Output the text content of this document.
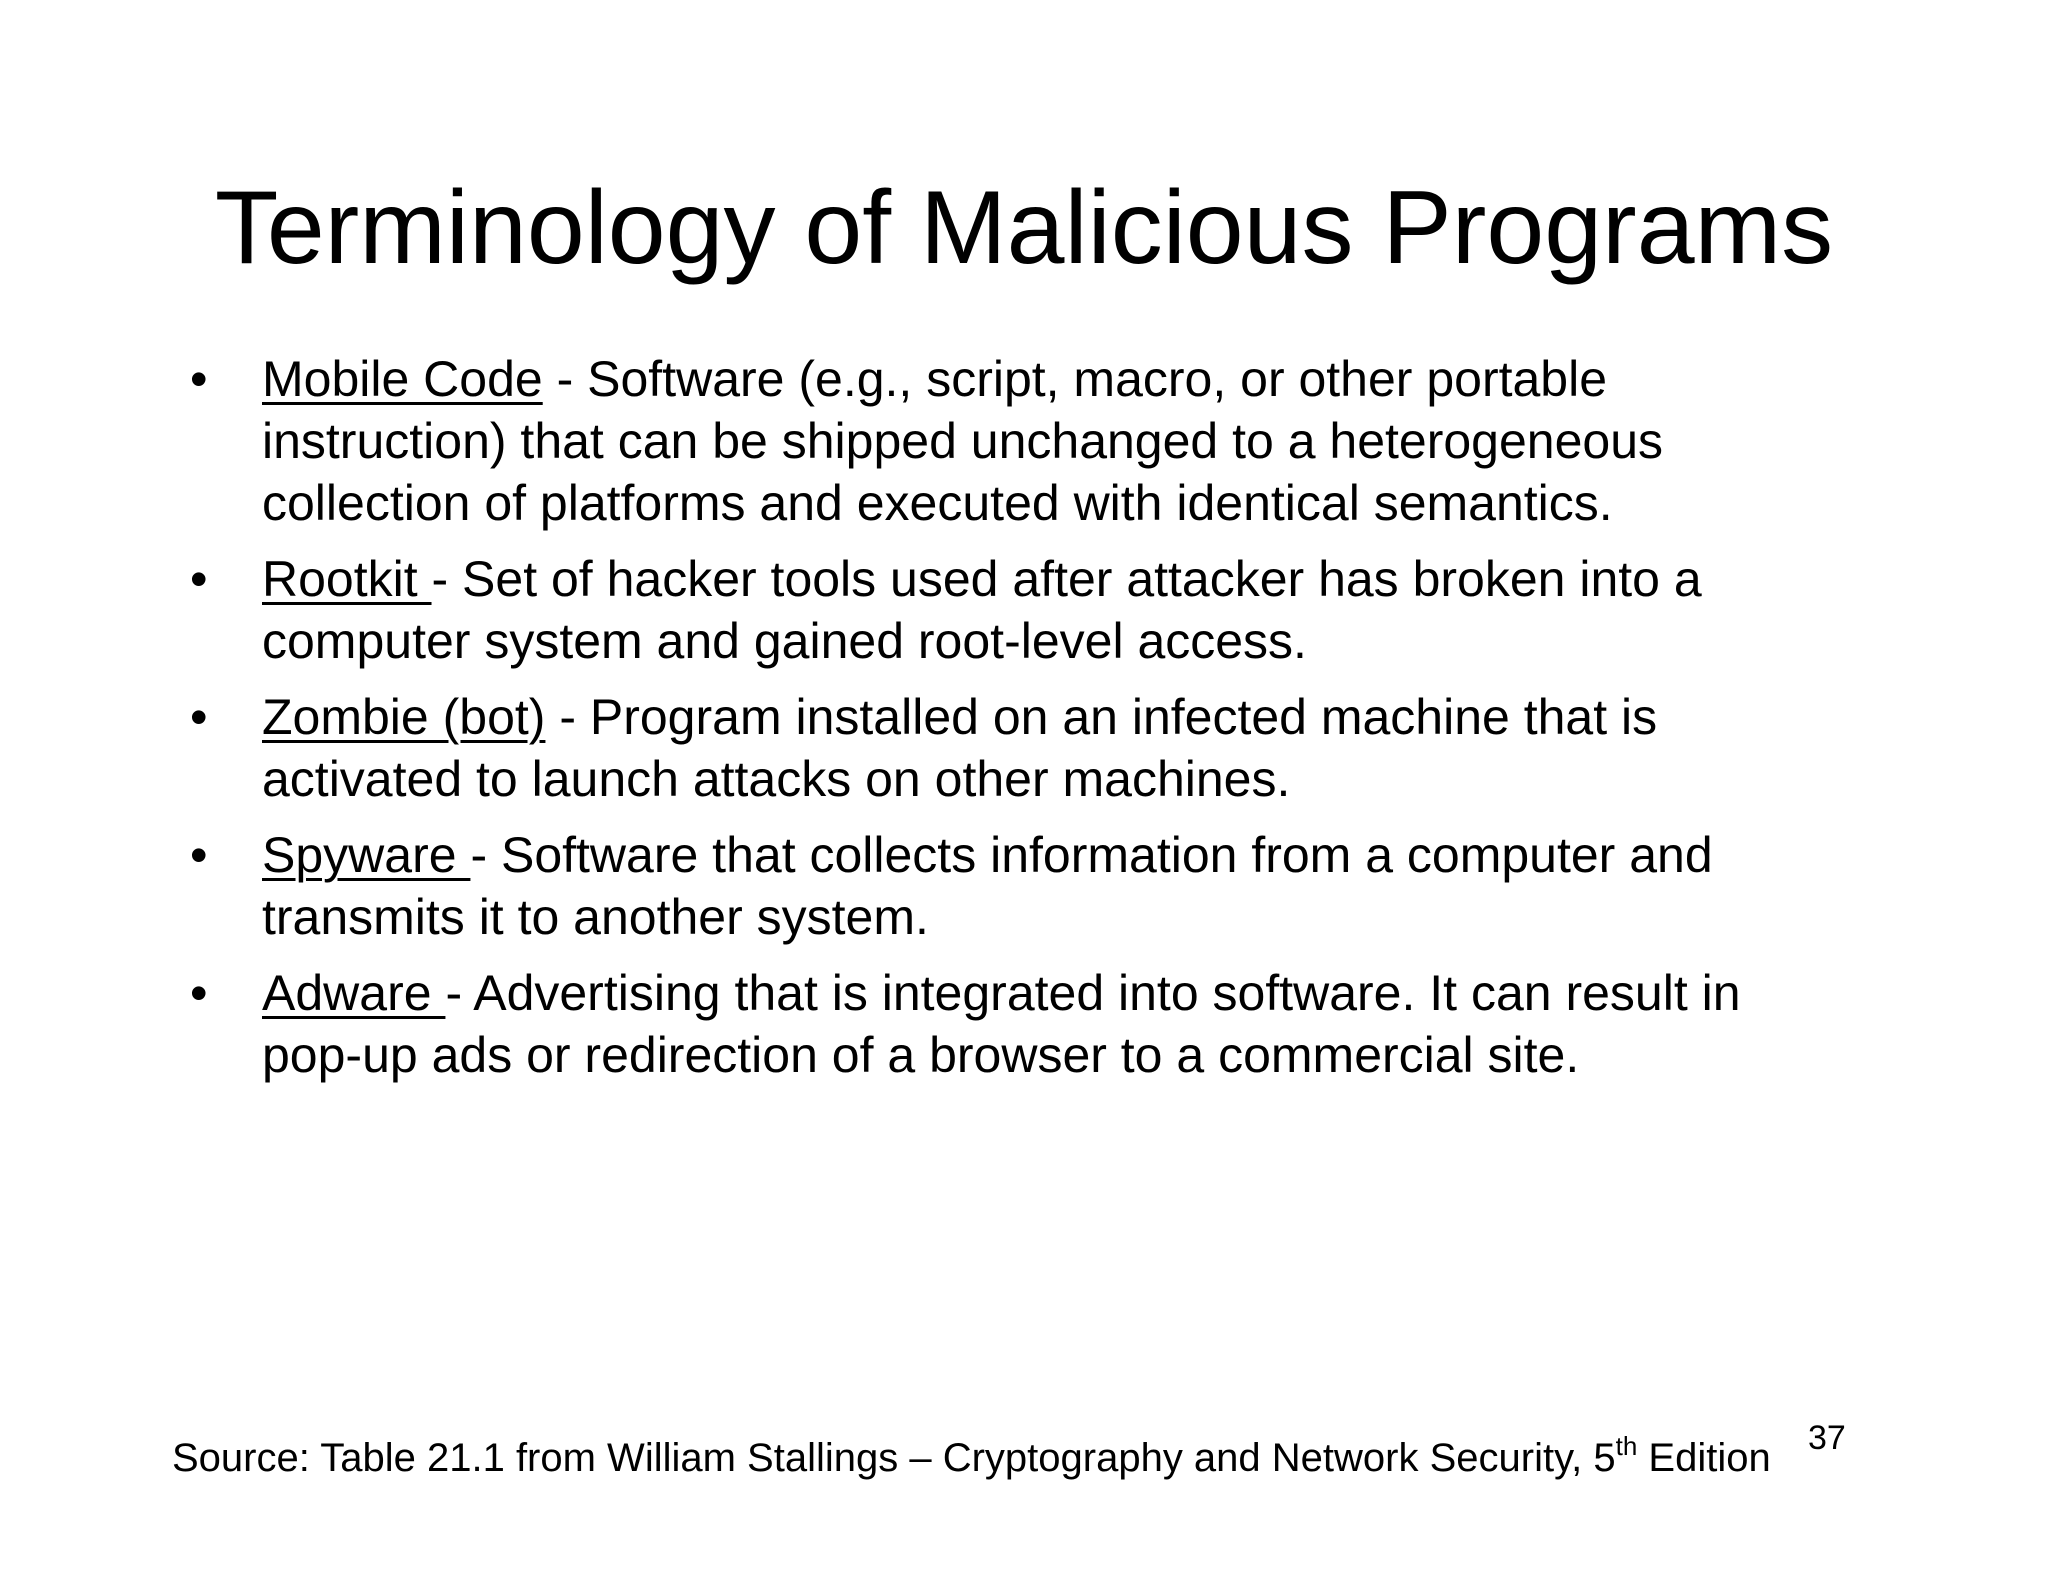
Terminology of Malicious Programs
• Mobile Code - Software (e.g., script, macro, or other portable instruction) that can be shipped unchanged to a heterogeneous collection of platforms and executed with identical semantics.
• Rootkit - Set of hacker tools used after attacker has broken into a computer system and gained root-level access.
• Zombie (bot) - Program installed on an infected machine that is activated to launch attacks on other machines.
• Spyware - Software that collects information from a computer and transmits it to another system.
• Adware - Advertising that is integrated into software. It can result in pop-up ads or redirection of a browser to a commercial site.
Source: Table 21.1 from William Stallings – Cryptography and Network Security, 5th Edition 37
